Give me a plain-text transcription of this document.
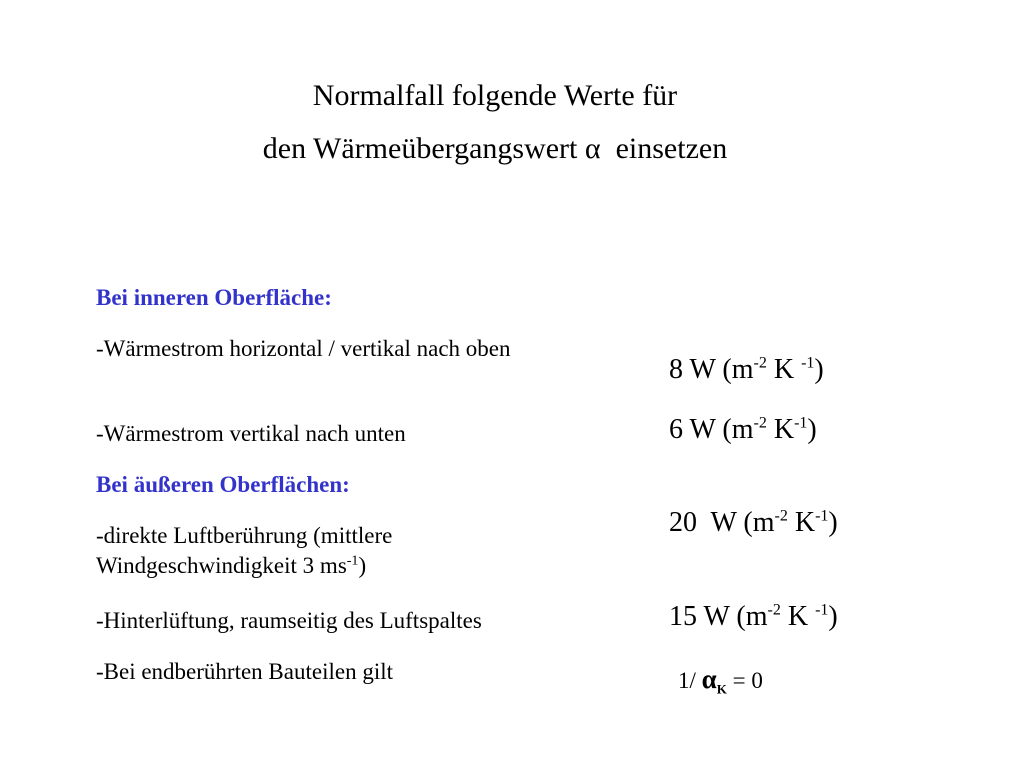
Normalfall folgende Werte für
den Wärmeübergangswert α einsetzen
Bei inneren Oberfläche:
-Wärmestrom horizontal / vertikal nach oben
-Wärmestrom vertikal nach unten
Bei äußeren Oberflächen:
-direkte Luftberührung (mittlere Windgeschwindigkeit 3 $ms^{-1}$)
-Hinterlüftung, raumseitig des Luftspaltes
-Bei endberührten Bauteilen gilt
8 W ($m^{-2}$ K $^{-1}$)
6 W ($m^{-2}$ $K^{-1}$)
20  W ($m^{-2}$ $K^{-1}$)
15 W ($m^{-2}$ K $^{-1}$)
1/ $\alpha_K = 0$
